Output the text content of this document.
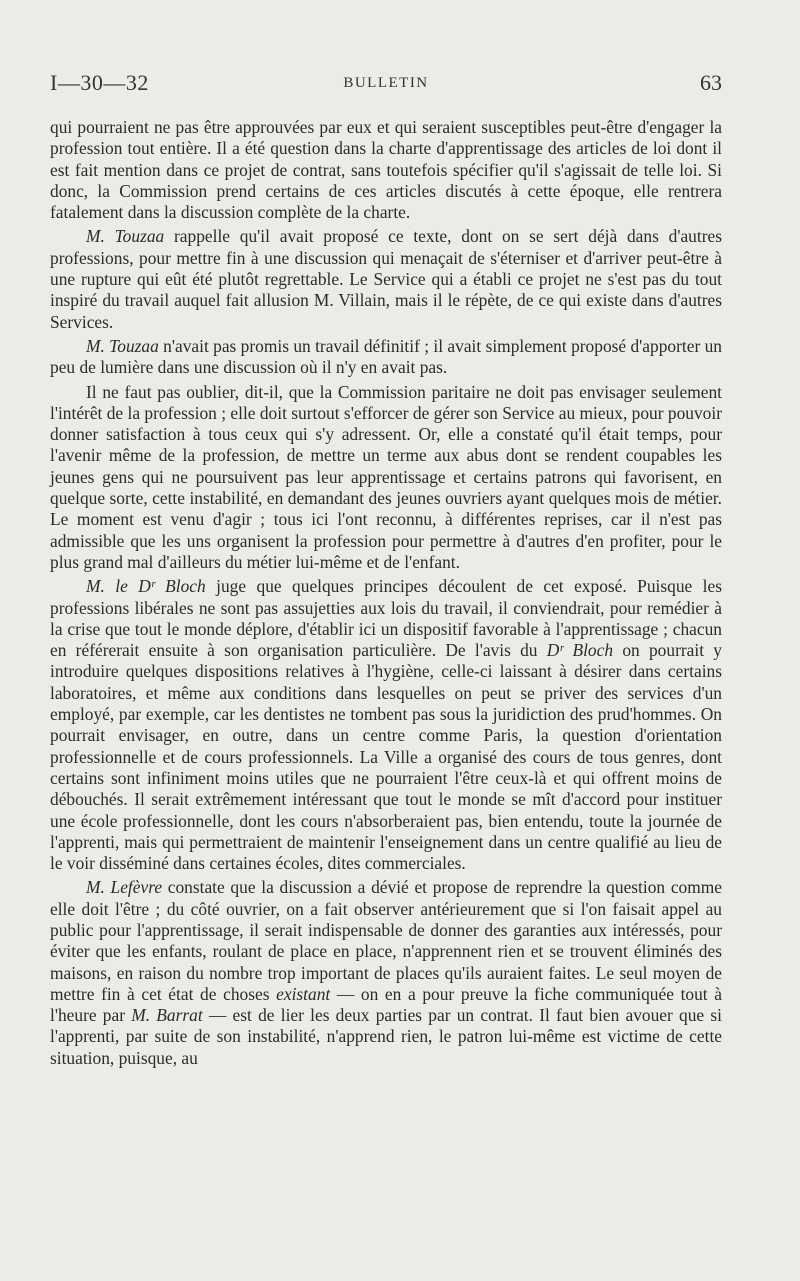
I—30—32	BULLETIN	63

qui pourraient ne pas être approuvées par eux et qui seraient susceptibles peut-être d'engager la profession tout entière. Il a été question dans la charte d'apprentissage des articles de loi dont il est fait mention dans ce projet de contrat, sans toutefois spécifier qu'il s'agissait de telle loi. Si donc, la Commission prend certains de ces articles discutés à cette époque, elle rentrera fatalement dans la discussion complète de la charte.

M. Touzaa rappelle qu'il avait proposé ce texte, dont on se sert déjà dans d'autres professions, pour mettre fin à une discussion qui menaçait de s'éterniser et d'arriver peut-être à une rupture qui eût été plutôt regrettable. Le Service qui a établi ce projet ne s'est pas du tout inspiré du travail auquel fait allusion M. Villain, mais il le répète, de ce qui existe dans d'autres Services.

M. Touzaa n'avait pas promis un travail définitif ; il avait simplement proposé d'apporter un peu de lumière dans une discussion où il n'y en avait pas.

Il ne faut pas oublier, dit-il, que la Commission paritaire ne doit pas envisager seulement l'intérêt de la profession ; elle doit surtout s'efforcer de gérer son Service au mieux, pour pouvoir donner satisfaction à tous ceux qui s'y adressent. Or, elle a constaté qu'il était temps, pour l'avenir même de la profession, de mettre un terme aux abus dont se rendent coupables les jeunes gens qui ne poursuivent pas leur apprentissage et certains patrons qui favorisent, en quelque sorte, cette instabilité, en demandant des jeunes ouvriers ayant quelques mois de métier. Le moment est venu d'agir ; tous ici l'ont reconnu, à différentes reprises, car il n'est pas admissible que les uns organisent la profession pour permettre à d'autres d'en profiter, pour le plus grand mal d'ailleurs du métier lui-même et de l'enfant.

M. le Dʳ Bloch juge que quelques principes découlent de cet exposé. Puisque les professions libérales ne sont pas assujetties aux lois du travail, il conviendrait, pour remédier à la crise que tout le monde déplore, d'établir ici un dispositif favorable à l'apprentissage ; chacun en référerait ensuite à son organisation particulière. De l'avis du Dʳ Bloch on pourrait y introduire quelques dispositions relatives à l'hygiène, celle-ci laissant à désirer dans certains laboratoires, et même aux conditions dans lesquelles on peut se priver des services d'un employé, par exemple, car les dentistes ne tombent pas sous la juridiction des prud'hommes. On pourrait envisager, en outre, dans un centre comme Paris, la question d'orientation professionnelle et de cours professionnels. La Ville a organisé des cours de tous genres, dont certains sont infiniment moins utiles que ne pourraient l'être ceux-là et qui offrent moins de débouchés. Il serait extrêmement intéressant que tout le monde se mît d'accord pour instituer une école professionnelle, dont les cours n'absorberaient pas, bien entendu, toute la journée de l'apprenti, mais qui permettraient de maintenir l'enseignement dans un centre qualifié au lieu de le voir disséminé dans certaines écoles, dites commerciales.

M. Lefèvre constate que la discussion a dévié et propose de reprendre la question comme elle doit l'être ; du côté ouvrier, on a fait observer antérieurement que si l'on faisait appel au public pour l'apprentissage, il serait indispensable de donner des garanties aux intéressés, pour éviter que les enfants, roulant de place en place, n'apprennent rien et se trouvent éliminés des maisons, en raison du nombre trop important de places qu'ils auraient faites. Le seul moyen de mettre fin à cet état de choses existant — on en a pour preuve la fiche communiquée tout à l'heure par M. Barrat — est de lier les deux parties par un contrat. Il faut bien avouer que si l'apprenti, par suite de son instabilité, n'apprend rien, le patron lui-même est victime de cette situation, puisque, au
